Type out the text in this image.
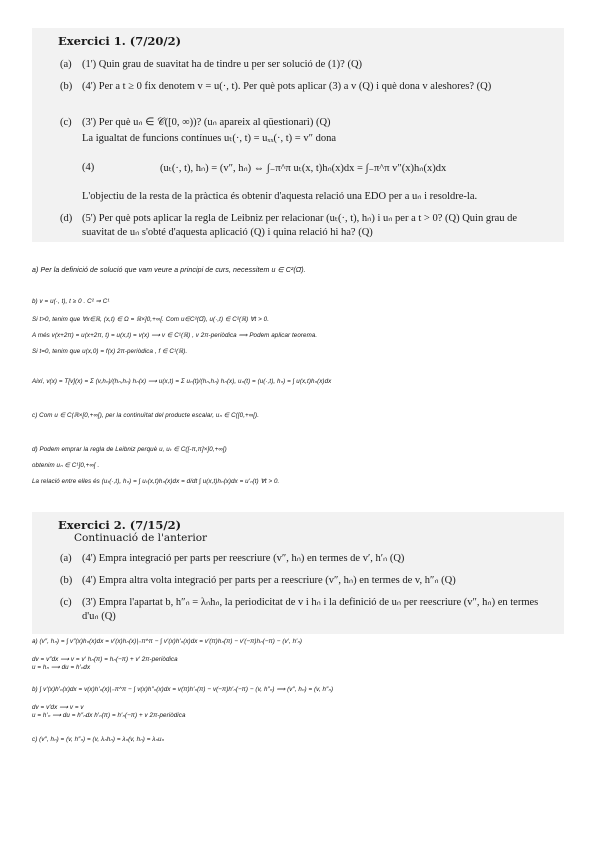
Exercici 1. (7/20/2)
(a) (1') Quin grau de suavitat ha de tindre u per ser solució de (1)? (Q)
(b) (4') Per a t ≥ 0 fix denotem v = u(·, t). Per què pots aplicar (3) a v (Q) i què dona v aleshores? (Q)
(c) (3') Per què uₙ ∈ 𝒞([0, ∞))? (uₙ apareix al qüestionari) (Q)
La igualtat de funcions contínues uₜ(·, t) = uₓₓ(·, t) = v″ dona
(4)	(uₜ(·, t), hₙ) = (v″, hₙ) ⇔ ∫₋π^π uₜ(x, t)hₙ(x)dx = ∫₋π^π v″(x)hₙ(x)dx
L'objectiu de la resta de la pràctica és obtenir d'aquesta relació una EDO per a uₙ i resoldre-la.
(d) (5') Per què pots aplicar la regla de Leibniz per relacionar (uₜ(·, t), hₙ) i uₙ per a t > 0? (Q) Quin grau de suavitat de uₙ s'obté d'aquesta aplicació (Q) i quina relació hi ha? (Q)
a) Per la definició de solució que vam veure a principi de curs, necessitem u ∈ C²(Ω̄).
b) v = u(·, t), t ≥ 0 . C² ⇒ C¹
Si t>0, tenim que ∀x∈ℝ, (x,t) ∈ Ω = ℝ×]0,+∞[. Com u∈C²(Ω̄), u(·,t) ∈ C²(ℝ) ∀t > 0.
A més v(x+2π) = u(x+2π, t) = u(x,t) = v(x) ⟶ v ∈ C¹(ℝ) , v 2π-periòdica ⟹ Podem aplicar teorema.
Si t=0, tenim que u(x,0) = f(x) 2π-periòdica , f ∈ C¹(ℝ).
Així, v(x) = T[v](x) = Σ (v,hₙ)/(hₙ,hₙ) hₙ(x) ⟶ u(x,t) = Σ uₙ(t)/(hₙ,hₙ) hₙ(x), uₙ(t) = (u(·,t), hₙ) = ∫ u(x,t)hₙ(x)dx
c) Com u ∈ C(ℝ×[0,+∞[), per la continuïtat del producte escalar, uₙ ∈ C([0,+∞[).
d) Podem emprar la regla de Leibniz perquè u, uₜ ∈ C([-π,π]×]0,+∞[)
obtenim uₙ ∈ C¹]0,+∞[ .
La relació entre elles és (uₜ(·,t), hₙ) = ∫ uₜ(x,t)hₙ(x)dx = d/dt ∫ u(x,t)hₙ(x)dx = u'ₙ(t) ∀t > 0.
Exercici 2. (7/15/2)
Continuació de l'anterior
(a) (4') Empra integració per parts per reescriure (v″, hₙ) en termes de v′, h′ₙ (Q)
(b) (4') Empra altra volta integració per parts per a reescriure (v″, hₙ) en termes de v, h″ₙ (Q)
(c) (3') Empra l'apartat b, h″ₙ = λₙhₙ, la periodicitat de v i hₙ i la definició de uₙ per reescriure (v″, hₙ) en termes d'uₙ (Q)
a) (v″, hₙ) = ∫ v″(x)hₙ(x)dx = v′(x)hₙ(x)|₋π^π − ∫ v′(x)h′ₙ(x)dx = v′(π)hₙ(π) − v′(−π)hₙ(−π) − (v′, h′ₙ)
dv = v″dx ⟶ v = v′ hₙ(π) = hₙ(−π) + v′ 2π-periòdica
u = hₙ ⟶ du = h′ₙdx
b) ∫ v′(x)h′ₙ(x)dx = v(x)h′ₙ(x)|₋π^π − ∫ v(x)h″ₙ(x)dx = v(π)h′ₙ(π) − v(−π)h′ₙ(−π) − (v, h″ₙ) ⟹ (v″, hₙ) = (v, h″ₙ)
dv = v′dx ⟶ v = v
u = h′ₙ ⟶ du = h″ₙdx h′ₙ(π) = h′ₙ(−π) + v 2π-periòdica
c) (v″, hₙ) = (v, h″ₙ) = (v, λₙhₙ) = λₙ(v, hₙ) = λₙuₙ
